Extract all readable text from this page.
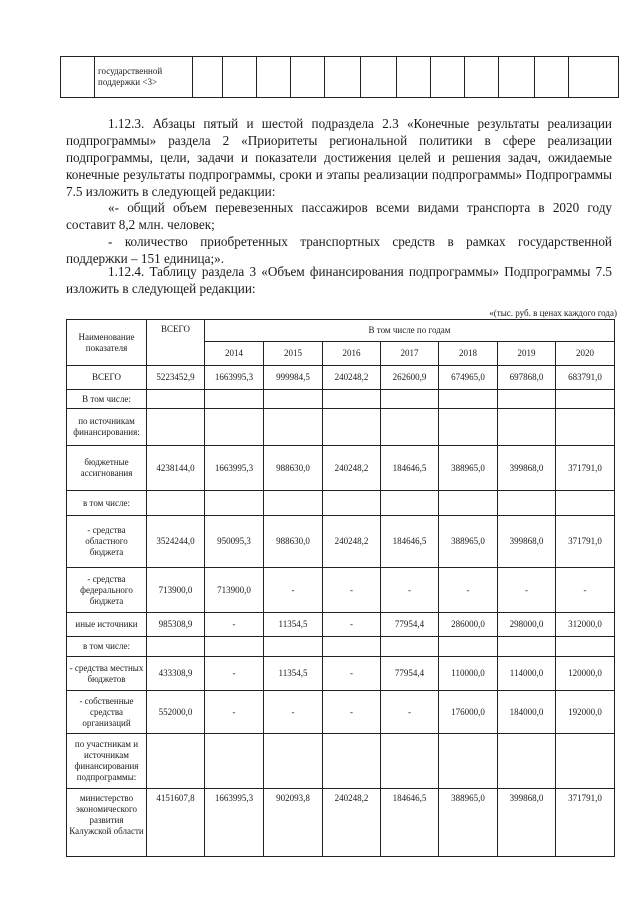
	государственной поддержки <3>												
1.12.3. Абзацы пятый и шестой подраздела 2.3 «Конечные результаты реализации подпрограммы» раздела 2 «Приоритеты региональной политики в сфере реализации подпрограммы, цели, задачи и показатели достижения целей и решения задач, ожидаемые конечные результаты подпрограммы, сроки и этапы реализации подпрограммы» Подпрограммы 7.5 изложить в следующей редакции:
«- общий объем перевезенных пассажиров всеми видами транспорта в 2020 году составит 8,2 млн. человек;
- количество приобретенных транспортных средств в рамках государственной поддержки – 151 единица;».
1.12.4. Таблицу раздела 3 «Объем финансирования подпрограммы» Подпрограммы 7.5 изложить в следующей редакции:
«(тыс. руб. в ценах каждого года)
Наименование показателя	ВСЕГО	В том числе по годам						
		2014	2015	2016	2017	2018	2019	2020
ВСЕГО	5223452,9	1663995,3	999984,5	240248,2	262600,9	674965,0	697868,0	683791,0
В том числе:								
по источникам финансирования:								
бюджетные ассигнования	4238144,0	1663995,3	988630,0	240248,2	184646,5	388965,0	399868,0	371791,0
в том числе:								
- средства областного бюджета	3524244,0	950095,3	988630,0	240248,2	184646,5	388965,0	399868,0	371791,0
- средства федерального бюджета	713900,0	713900,0	-	-	-	-	-	-
иные источники	985308,9	-	11354,5	-	77954,4	286000,0	298000,0	312000,0
в том числе:								
- средства местных бюджетов	433308,9	-	11354,5	-	77954,4	110000,0	114000,0	120000,0
- собственные средства организаций	552000,0	-	-	-	-	176000,0	184000,0	192000,0
по участникам и источникам финансирования подпрограммы:								
министерство экономического развития Калужской области	4151607,8	1663995,3	902093,8	240248,2	184646,5	388965,0	399868,0	371791,0
